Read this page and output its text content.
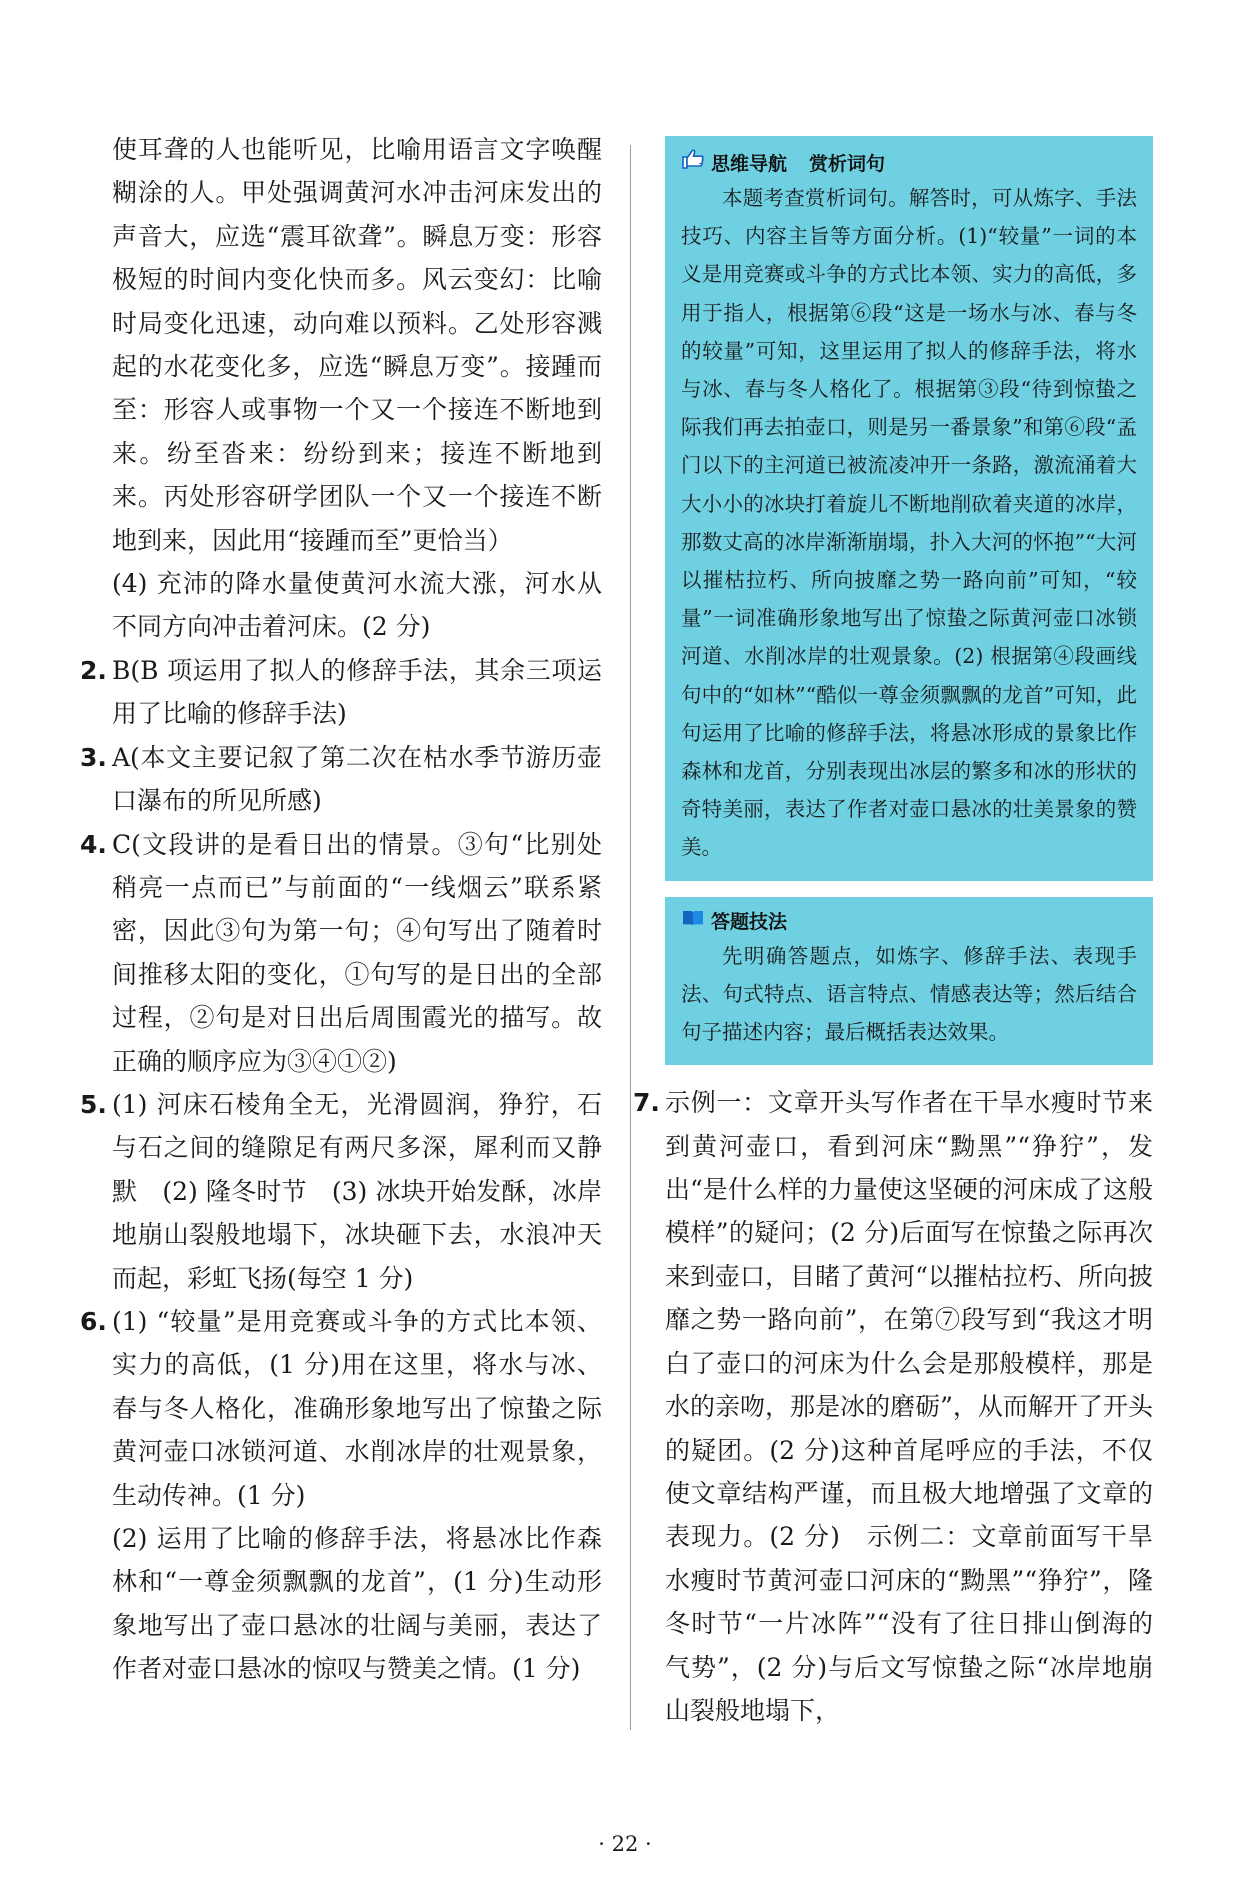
使耳聋的人也能听见，比喻用语言文字唤醒糊涂的人。甲处强调黄河水冲击河床发出的声音大，应选“震耳欲聋”。瞬息万变：形容极短的时间内变化快而多。风云变幻：比喻时局变化迅速，动向难以预料。乙处形容溅起的水花变化多，应选“瞬息万变”。接踵而至：形容人或事物一个又一个接连不断地到来。纷至沓来：纷纷到来；接连不断地到来。丙处形容研学团队一个又一个接连不断地到来，因此用“接踵而至”更恰当）

(4) 充沛的降水量使黄河水流大涨，河水从不同方向冲击着河床。(2 分)

2. B(B 项运用了拟人的修辞手法，其余三项运用了比喻的修辞手法)
3. A(本文主要记叙了第二次在枯水季节游历壶口瀑布的所见所感)
4. C(文段讲的是看日出的情景。③句“比别处稍亮一点而已”与前面的“一线烟云”联系紧密，因此③句为第一句；④句写出了随着时间推移太阳的变化，①句写的是日出的全部过程，②句是对日出后周围霞光的描写。故正确的顺序应为③④①②)
5. (1) 河床石棱角全无，光滑圆润，狰狞，石与石之间的缝隙足有两尺多深，犀利而又静默　(2) 隆冬时节　(3) 冰块开始发酥，冰岸地崩山裂般地塌下，冰块砸下去，水浪冲天而起，彩虹飞扬(每空 1 分)
6. (1) “较量”是用竞赛或斗争的方式比本领、实力的高低，(1 分)用在这里，将水与冰、春与冬人格化，准确形象地写出了惊蛰之际黄河壶口冰锁河道、水削冰岸的壮观景象，生动传神。(1 分)

(2) 运用了比喻的修辞手法，将悬冰比作森林和“一尊金须飘飘的龙首”，(1 分)生动形象地写出了壶口悬冰的壮阔与美丽，表达了作者对壶口悬冰的惊叹与赞美之情。(1 分)

思维导航 赏析词句

本题考查赏析词句。解答时，可从炼字、手法技巧、内容主旨等方面分析。(1)“较量”一词的本义是用竞赛或斗争的方式比本领、实力的高低，多用于指人，根据第⑥段“这是一场水与冰、春与冬的较量”可知，这里运用了拟人的修辞手法，将水与冰、春与冬人格化了。根据第③段“待到惊蛰之际我们再去拍壶口，则是另一番景象”和第⑥段“孟门以下的主河道已被流凌冲开一条路，激流涌着大大小小的冰块打着旋儿不断地削砍着夹道的冰岸，那数丈高的冰岸渐渐崩塌，扑入大河的怀抱”“大河以摧枯拉朽、所向披靡之势一路向前”可知，“较量”一词准确形象地写出了惊蛰之际黄河壶口冰锁河道、水削冰岸的壮观景象。(2) 根据第④段画线句中的“如林”“酷似一尊金须飘飘的龙首”可知，此句运用了比喻的修辞手法，将悬冰形成的景象比作森林和龙首，分别表现出冰层的繁多和冰的形状的奇特美丽，表达了作者对壶口悬冰的壮美景象的赞美。

答题技法

先明确答题点，如炼字、修辞手法、表现手法、句式特点、语言特点、情感表达等；然后结合句子描述内容；最后概括表达效果。

7. 示例一：文章开头写作者在干旱水瘦时节来到黄河壶口，看到河床“黝黑”“狰狞”，发出“是什么样的力量使这坚硬的河床成了这般模样”的疑问；(2 分)后面写在惊蛰之际再次来到壶口，目睹了黄河“以摧枯拉朽、所向披靡之势一路向前”，在第⑦段写到“我这才明白了壶口的河床为什么会是那般模样，那是水的亲吻，那是冰的磨砺”，从而解开了开头的疑团。(2 分)这种首尾呼应的手法，不仅使文章结构严谨，而且极大地增强了文章的表现力。(2 分)　示例二：文章前面写干旱水瘦时节黄河壶口河床的“黝黑”“狰狞”，隆冬时节“一片冰阵”“没有了往日排山倒海的气势”，(2 分)与后文写惊蛰之际“冰岸地崩山裂般地塌下，
· 22 ·
